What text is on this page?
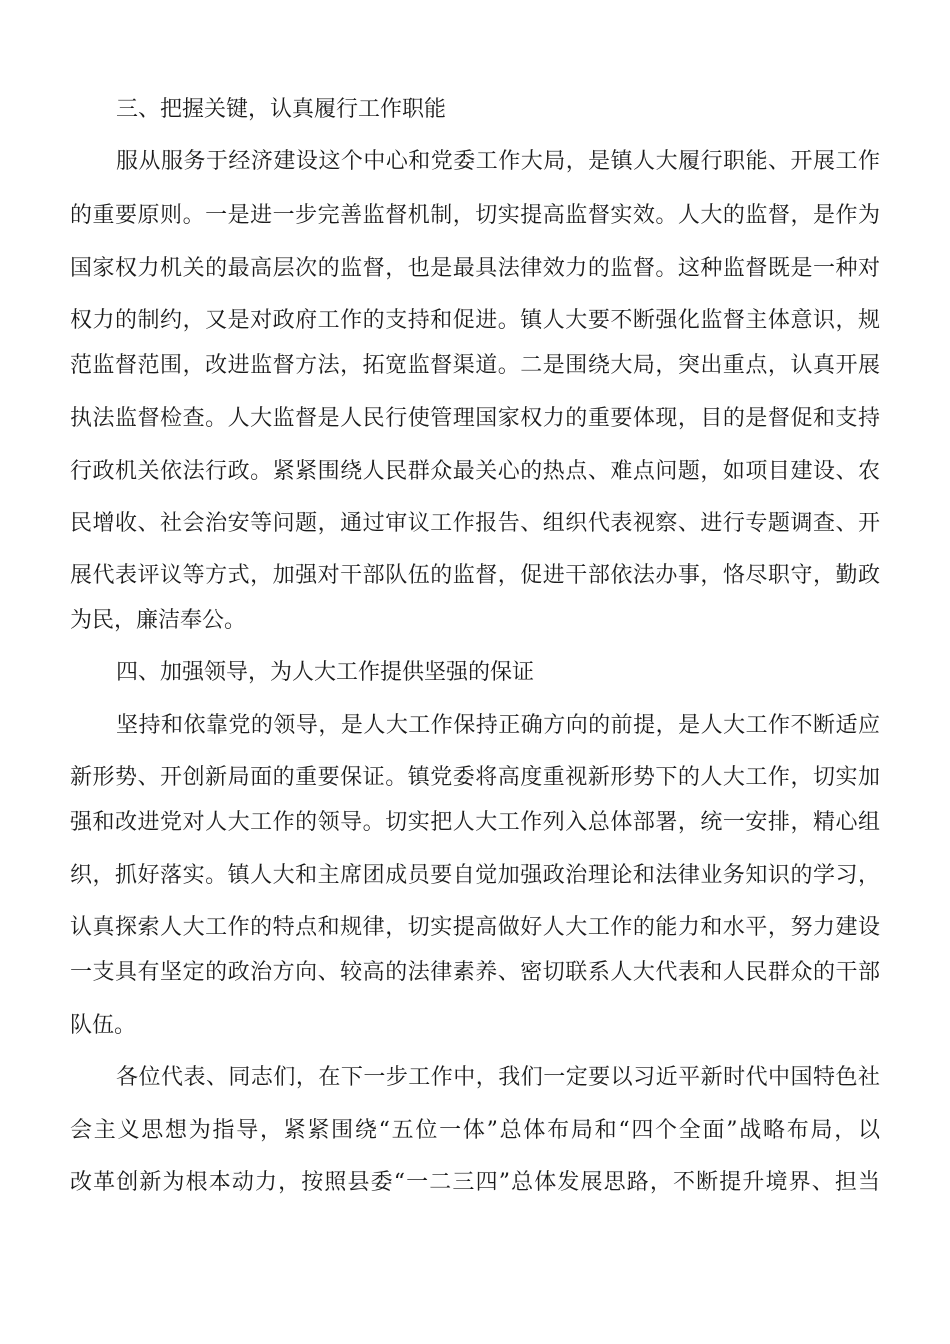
三、把握关键，认真履行工作职能
服从服务于经济建设这个中心和党委工作大局，是镇人大履行职能、开展工作
的重要原则。一是进一步完善监督机制，切实提高监督实效。人大的监督，是作为
国家权力机关的最高层次的监督，也是最具法律效力的监督。这种监督既是一种对
权力的制约，又是对政府工作的支持和促进。镇人大要不断强化监督主体意识，规
范监督范围，改进监督方法，拓宽监督渠道。二是围绕大局，突出重点，认真开展
执法监督检查。人大监督是人民行使管理国家权力的重要体现，目的是督促和支持
行政机关依法行政。紧紧围绕人民群众最关心的热点、难点问题，如项目建设、农
民增收、社会治安等问题，通过审议工作报告、组织代表视察、进行专题调查、开
展代表评议等方式，加强对干部队伍的监督，促进干部依法办事，恪尽职守，勤政
为民，廉洁奉公。
四、加强领导，为人大工作提供坚强的保证
坚持和依靠党的领导，是人大工作保持正确方向的前提，是人大工作不断适应
新形势、开创新局面的重要保证。镇党委将高度重视新形势下的人大工作，切实加
强和改进党对人大工作的领导。切实把人大工作列入总体部署，统一安排，精心组
织，抓好落实。镇人大和主席团成员要自觉加强政治理论和法律业务知识的学习，
认真探索人大工作的特点和规律，切实提高做好人大工作的能力和水平，努力建设
一支具有坚定的政治方向、较高的法律素养、密切联系人大代表和人民群众的干部
队伍。
各位代表、同志们，在下一步工作中，我们一定要以习近平新时代中国特色社
会主义思想为指导，紧紧围绕“五位一体”总体布局和“四个全面”战略布局，以
改革创新为根本动力，按照县委“一二三四”总体发展思路，不断提升境界、担当
